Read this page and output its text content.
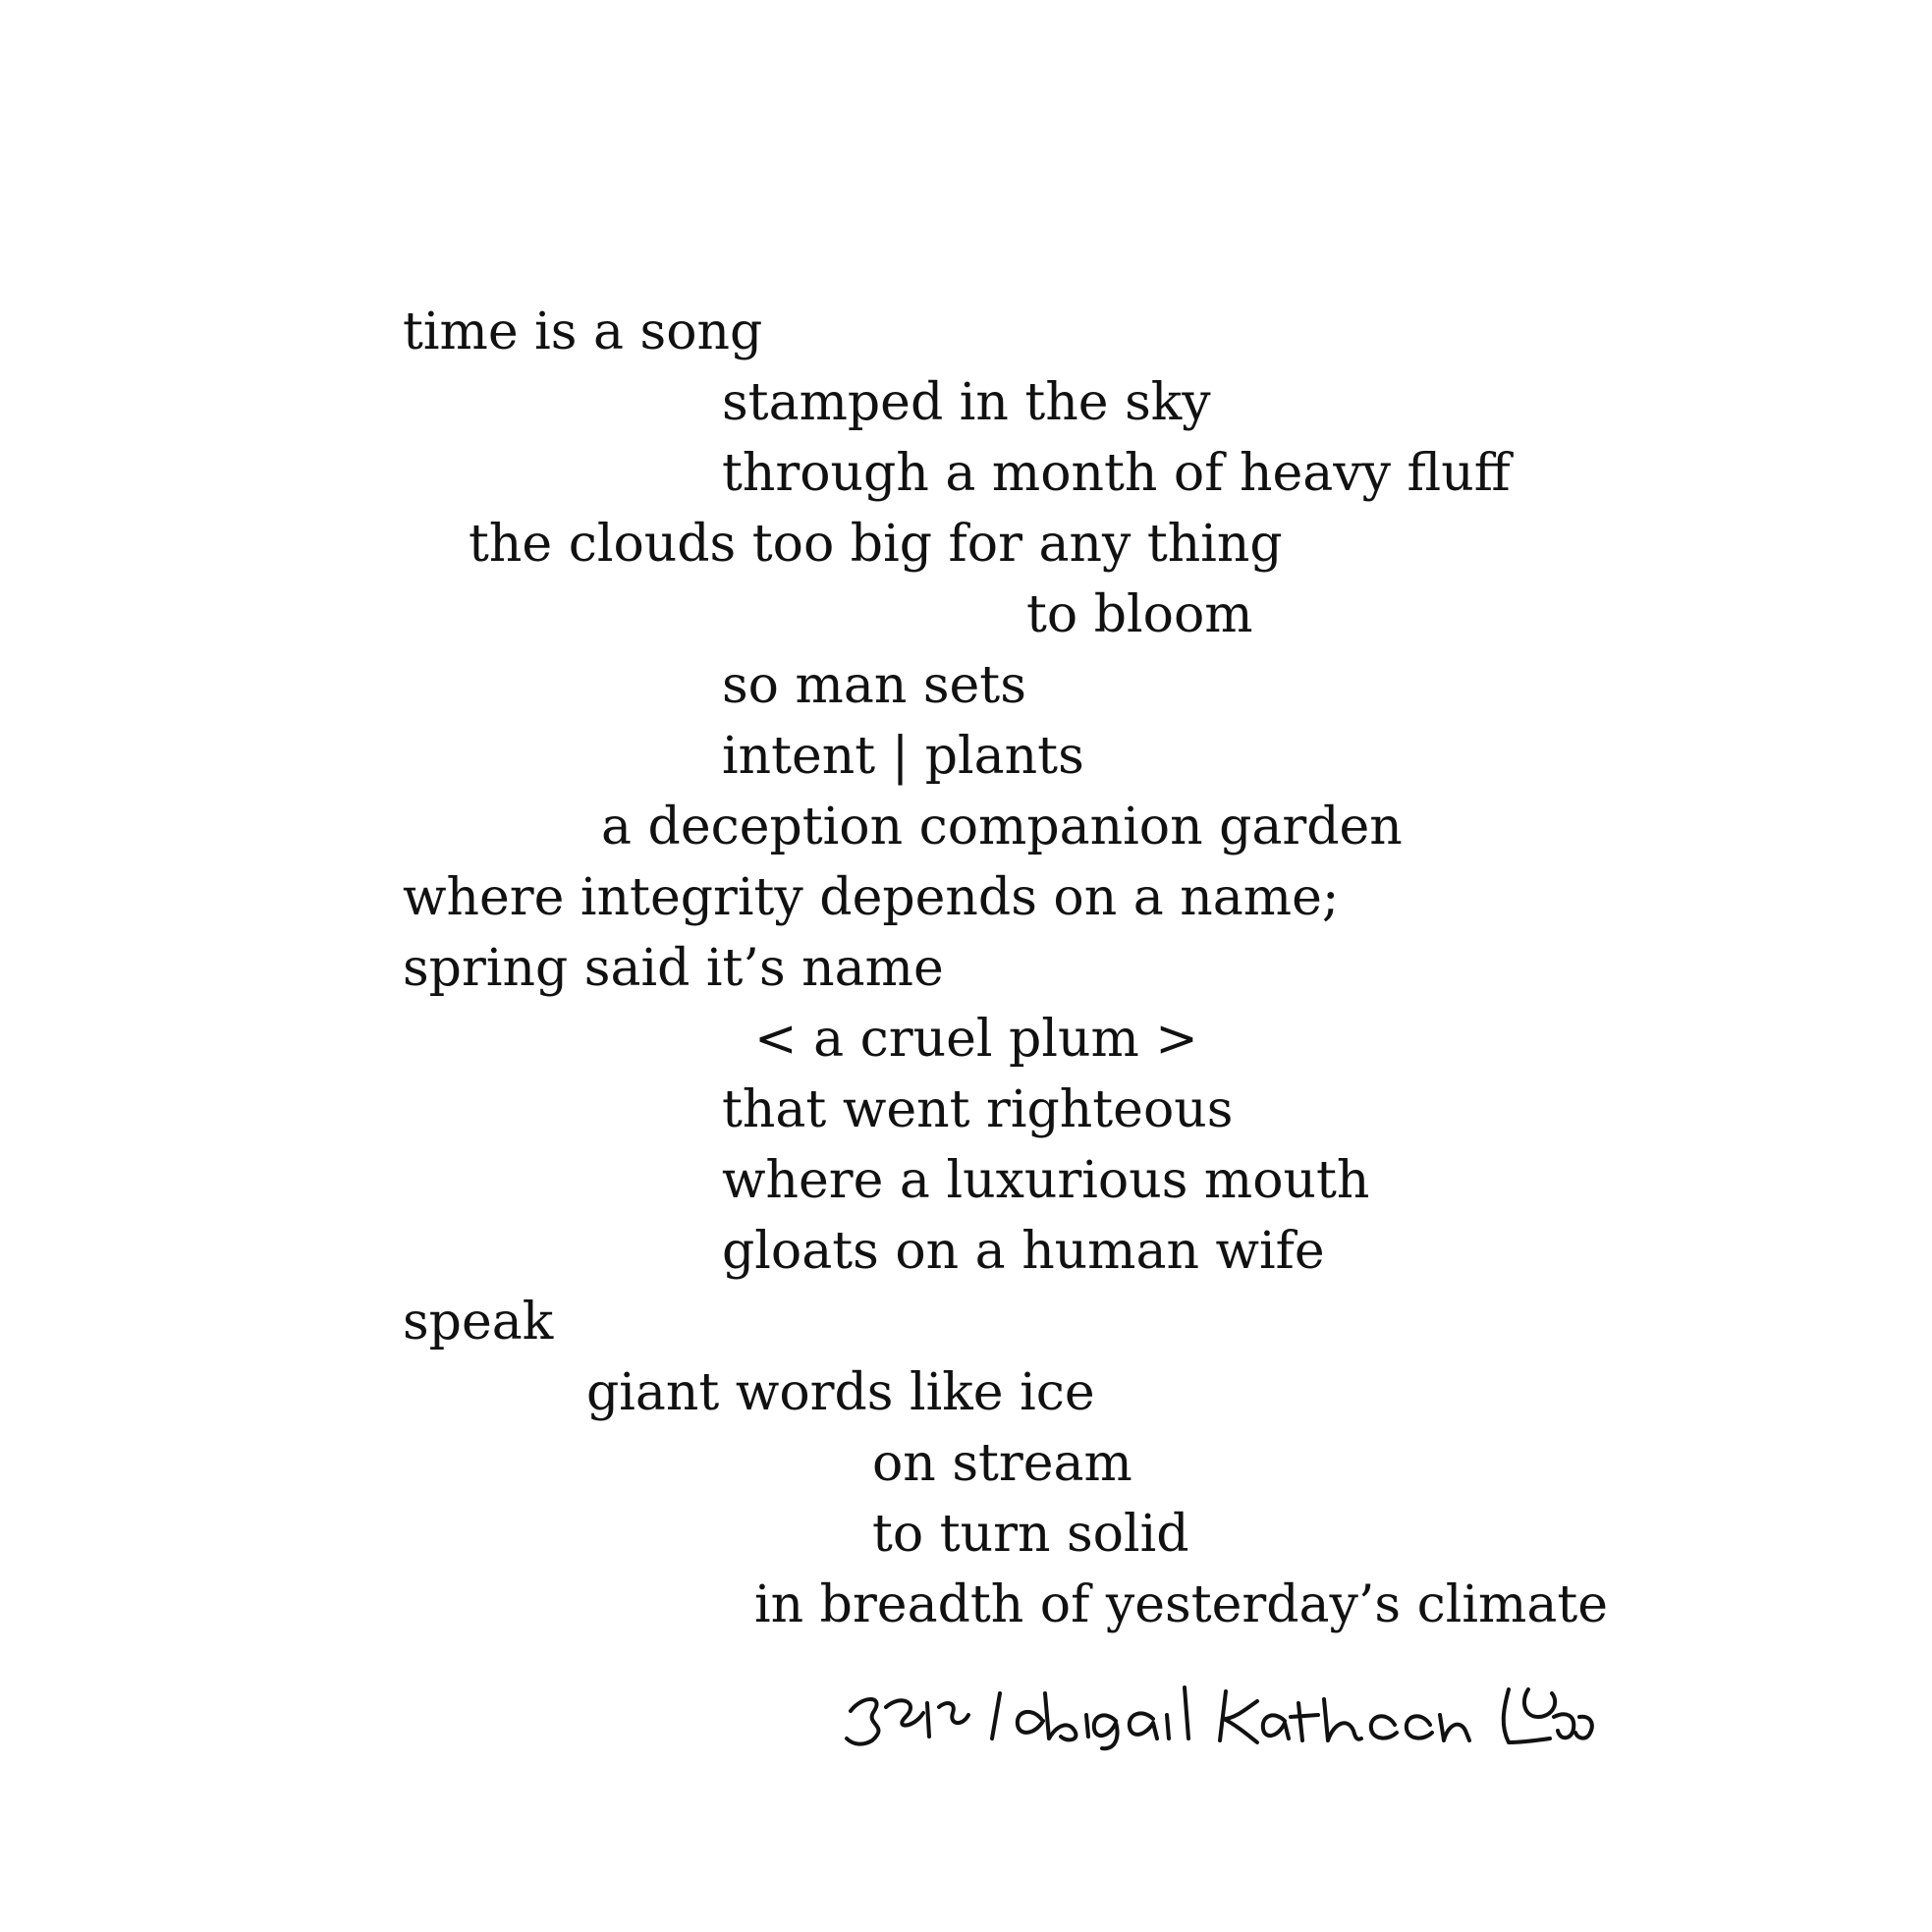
time is a song
stamped in the sky
through a month of heavy fluff
the clouds too big for any thing
to bloom
so man sets
intent | plants
a deception companion garden
where integrity depends on a name;
spring said it’s name
< a cruel plum >
that went righteous
where a luxurious mouth
gloats on a human wife
speak
giant words like ice
on stream
to turn solid
in breadth of yesterday’s climate
